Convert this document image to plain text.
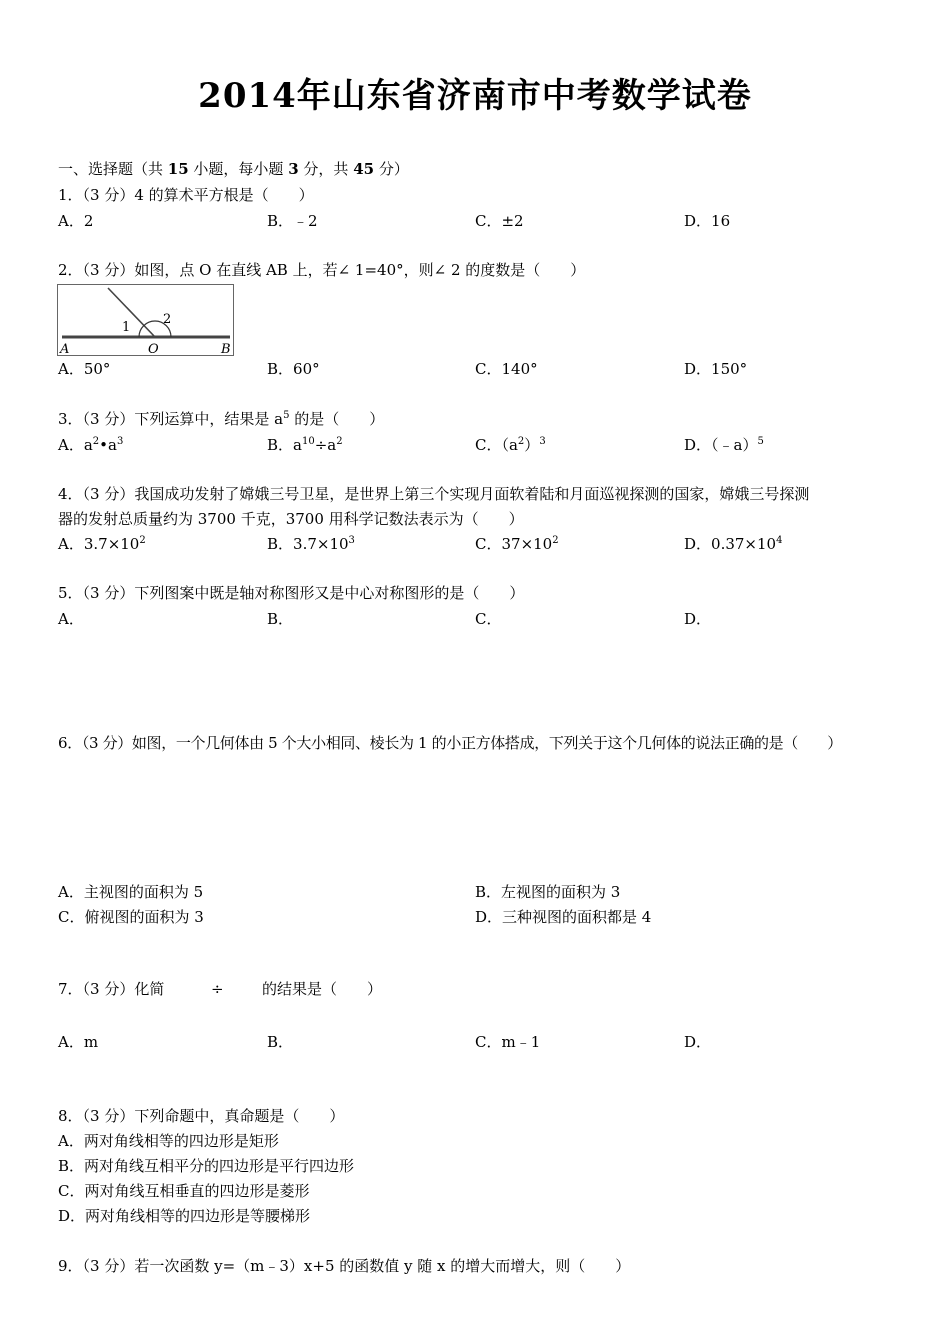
2014年山东省济南市中考数学试卷
一、选择题（共 15 小题，每小题 3 分，共 45 分）
1．（3 分）4 的算术平方根是（　　）
A．2	B．﹣2	C．±2	D．16
2．（3 分）如图，点 O 在直线 AB 上，若∠ 1=40°，则∠ 2 的度数是（　　）
A	O	B
1
2
A．50°	B．60°	C．140°	D．150°
3．（3 分）下列运算中，结果是 $a^5$ 的是（　　）
A．$a^2•a^3$	B．$a^{10}\div a^2$	C．$(a^2)^3$	D．（﹣a）$^5$
4．（3 分）我国成功发射了嫦娥三号卫星，是世界上第三个实现月面软着陆和月面巡视探测的国家，嫦娥三号探测
器的发射总质量约为 3700 千克，3700 用科学记数法表示为（　　）
A．$3.7\times 10^2$	B．$3.7\times 10^3$	C．$37\times 10^2$	D．$0.37\times 10^4$
5．（3 分）下列图案中既是轴对称图形又是中心对称图形的是（　　）
A．	B．	C．	D．
6．（3 分）如图，一个几何体由 5 个大小相同、棱长为 1 的小正方体搭成，下列关于这个几何体的说法正确的是（　　）
A．主视图的面积为 5	B．左视图的面积为 3
C．俯视图的面积为 3	D．三种视图的面积都是 4
7．（3 分）化简	÷	的结果是（　　）
A．m	B．	C．m﹣1	D．
8．（3 分）下列命题中，真命题是（　　）
A．两对角线相等的四边形是矩形
B．两对角线互相平分的四边形是平行四边形
C．两对角线互相垂直的四边形是菱形
D．两对角线相等的四边形是等腰梯形
9．（3 分）若一次函数 y=（m﹣3）x+5 的函数值 y 随 x 的增大而增大，则（　　）
